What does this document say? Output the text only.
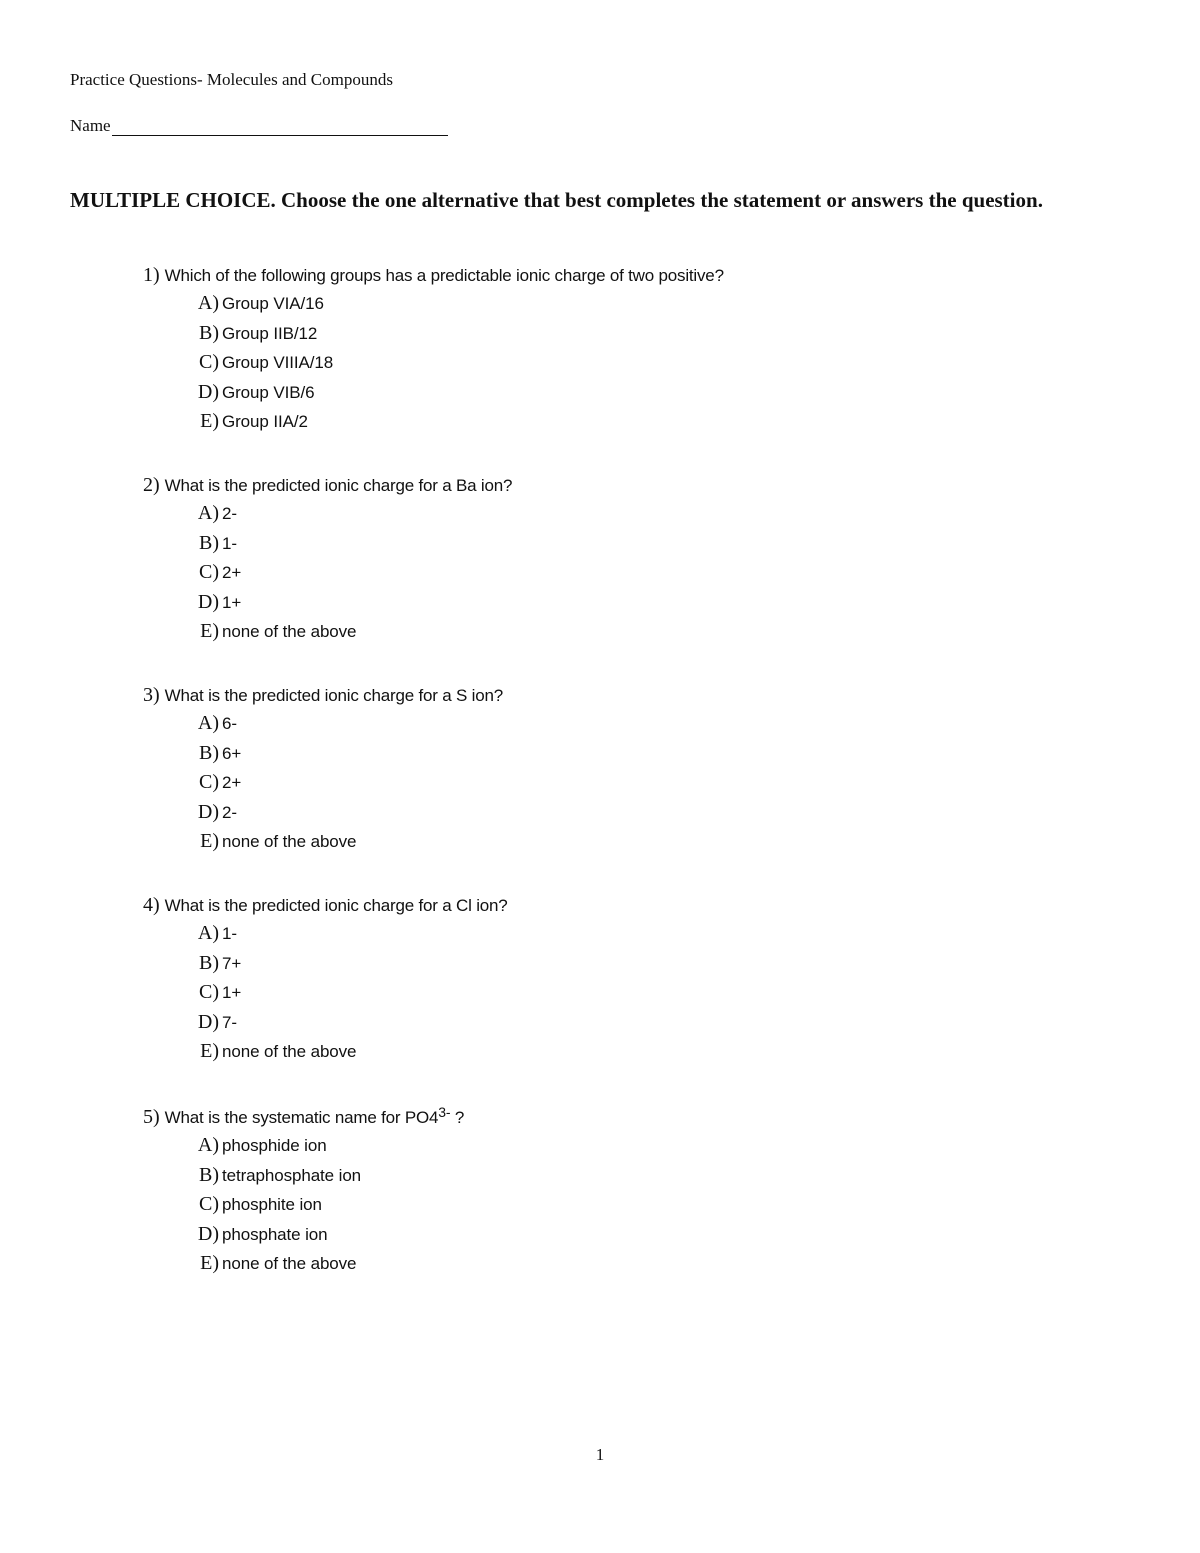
Practice Questions- Molecules and Compounds
Name
MULTIPLE CHOICE. Choose the one alternative that best completes the statement or answers the question.
1) Which of the following groups has a predictable ionic charge of two positive?
A) Group VIA/16
B) Group IIB/12
C) Group VIIIA/18
D) Group VIB/6
E) Group IIA/2
2) What is the predicted ionic charge for a Ba ion?
A) 2-
B) 1-
C) 2+
D) 1+
E) none of the above
3) What is the predicted ionic charge for a S ion?
A) 6-
B) 6+
C) 2+
D) 2-
E) none of the above
4) What is the predicted ionic charge for a Cl ion?
A) 1-
B) 7+
C) 1+
D) 7-
E) none of the above
5) What is the systematic name for $PO4^{3-}$ ?
A) phosphide ion
B) tetraphosphate ion
C) phosphite ion
D) phosphate ion
E) none of the above
1
